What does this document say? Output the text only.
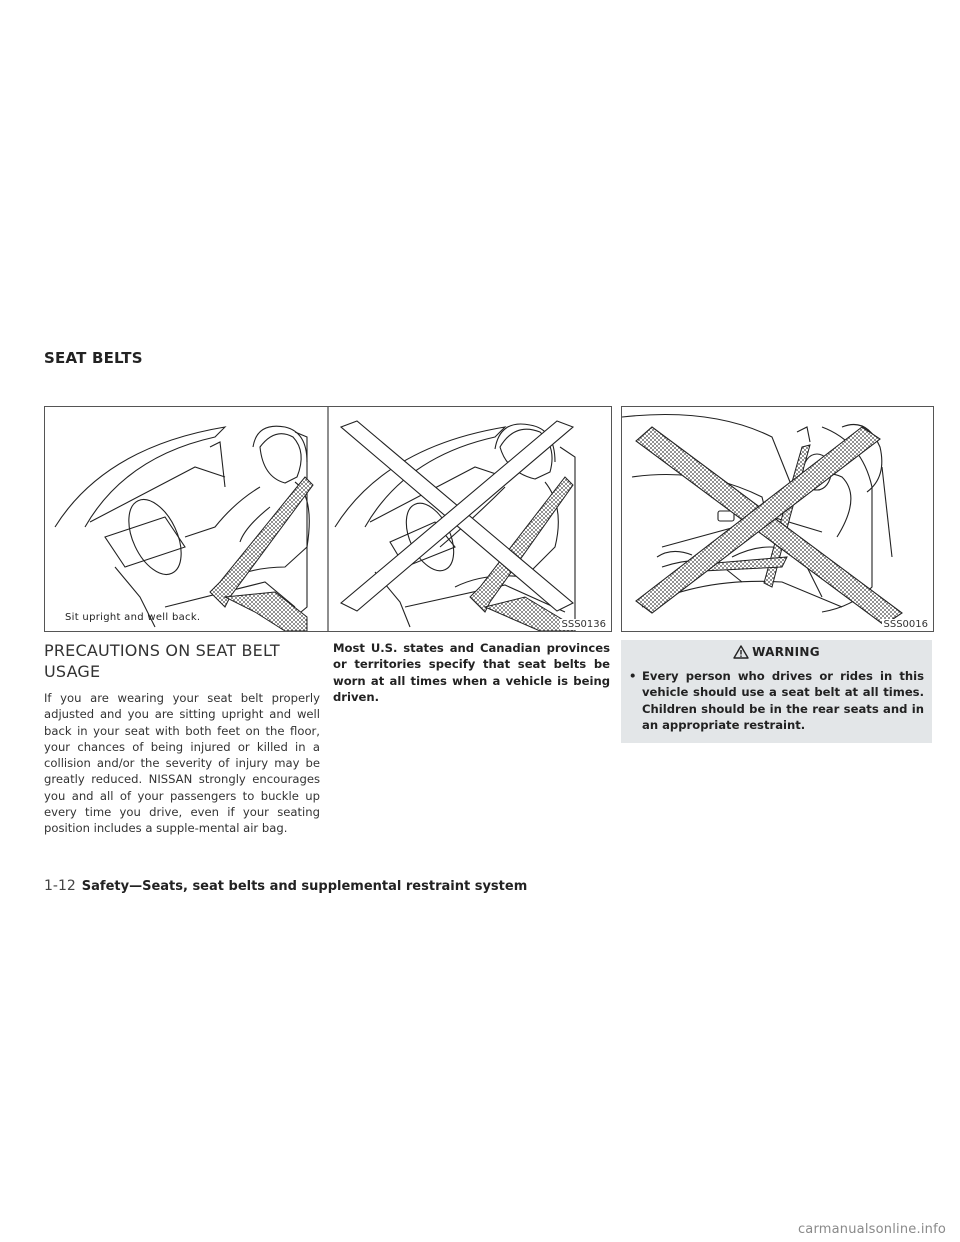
SEAT BELTS
Sit upright and well back.
SSS0136	SSS0016
PRECAUTIONS ON SEAT BELT USAGE

If you are wearing your seat belt properly adjusted and you are sitting upright and well back in your seat with both feet on the floor, your chances of being injured or killed in a collision and/or the severity of injury may be greatly reduced. NISSAN strongly encourages you and all of your passengers to buckle up every time you drive, even if your seating position includes a supple-mental air bag.

Most U.S. states and Canadian provinces or territories specify that seat belts be worn at all times when a vehicle is being driven.

WARNING
• Every person who drives or rides in this vehicle should use a seat belt at all times. Children should be in the rear seats and in an appropriate restraint.
1-12 Safety—Seats, seat belts and supplemental restraint system
carmanualsonline.info
